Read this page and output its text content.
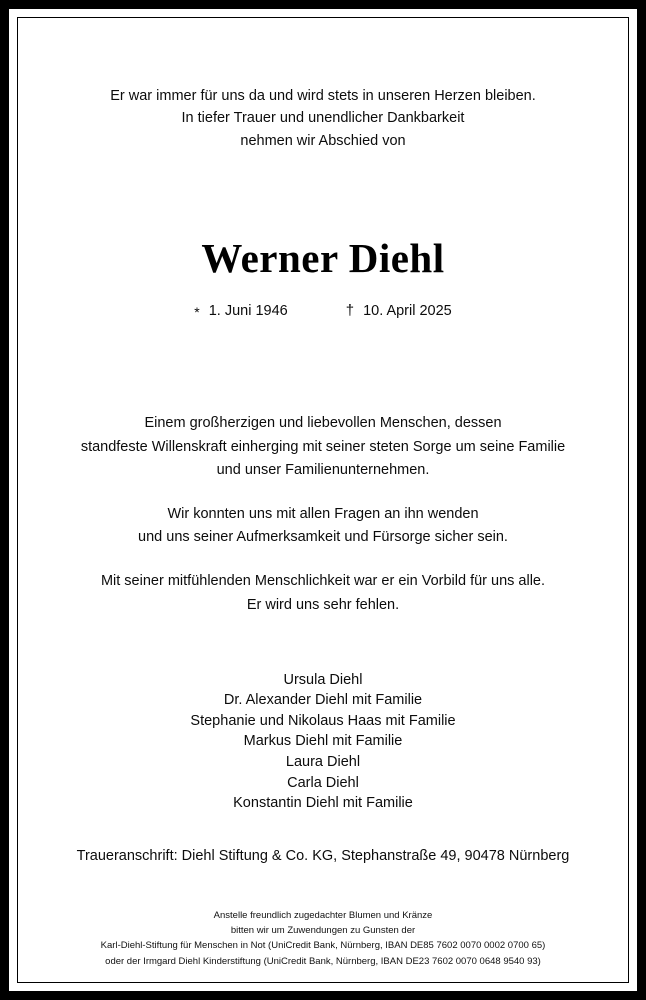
Er war immer für uns da und wird stets in unseren Herzen bleiben.
In tiefer Trauer und unendlicher Dankbarkeit
nehmen wir Abschied von
Werner Diehl
* 1. Juni 1946	† 10. April 2025

Einem großherzigen und liebevollen Menschen, dessen
standfeste Willenskraft einherging mit seiner steten Sorge um seine Familie
und unser Familienunternehmen.

Wir konnten uns mit allen Fragen an ihn wenden
und uns seiner Aufmerksamkeit und Fürsorge sicher sein.

Mit seiner mitfühlenden Menschlichkeit war er ein Vorbild für uns alle.
Er wird uns sehr fehlen.

Ursula Diehl
Dr. Alexander Diehl mit Familie
Stephanie und Nikolaus Haas mit Familie
Markus Diehl mit Familie
Laura Diehl
Carla Diehl
Konstantin Diehl mit Familie
Traueranschrift: Diehl Stiftung & Co. KG, Stephanstraße 49, 90478 Nürnberg
Anstelle freundlich zugedachter Blumen und Kränze
bitten wir um Zuwendungen zu Gunsten der
Karl-Diehl-Stiftung für Menschen in Not (UniCredit Bank, Nürnberg, IBAN DE85 7602 0070 0002 0700 65)
oder der Irmgard Diehl Kinderstiftung (UniCredit Bank, Nürnberg, IBAN DE23 7602 0070 0648 9540 93)
